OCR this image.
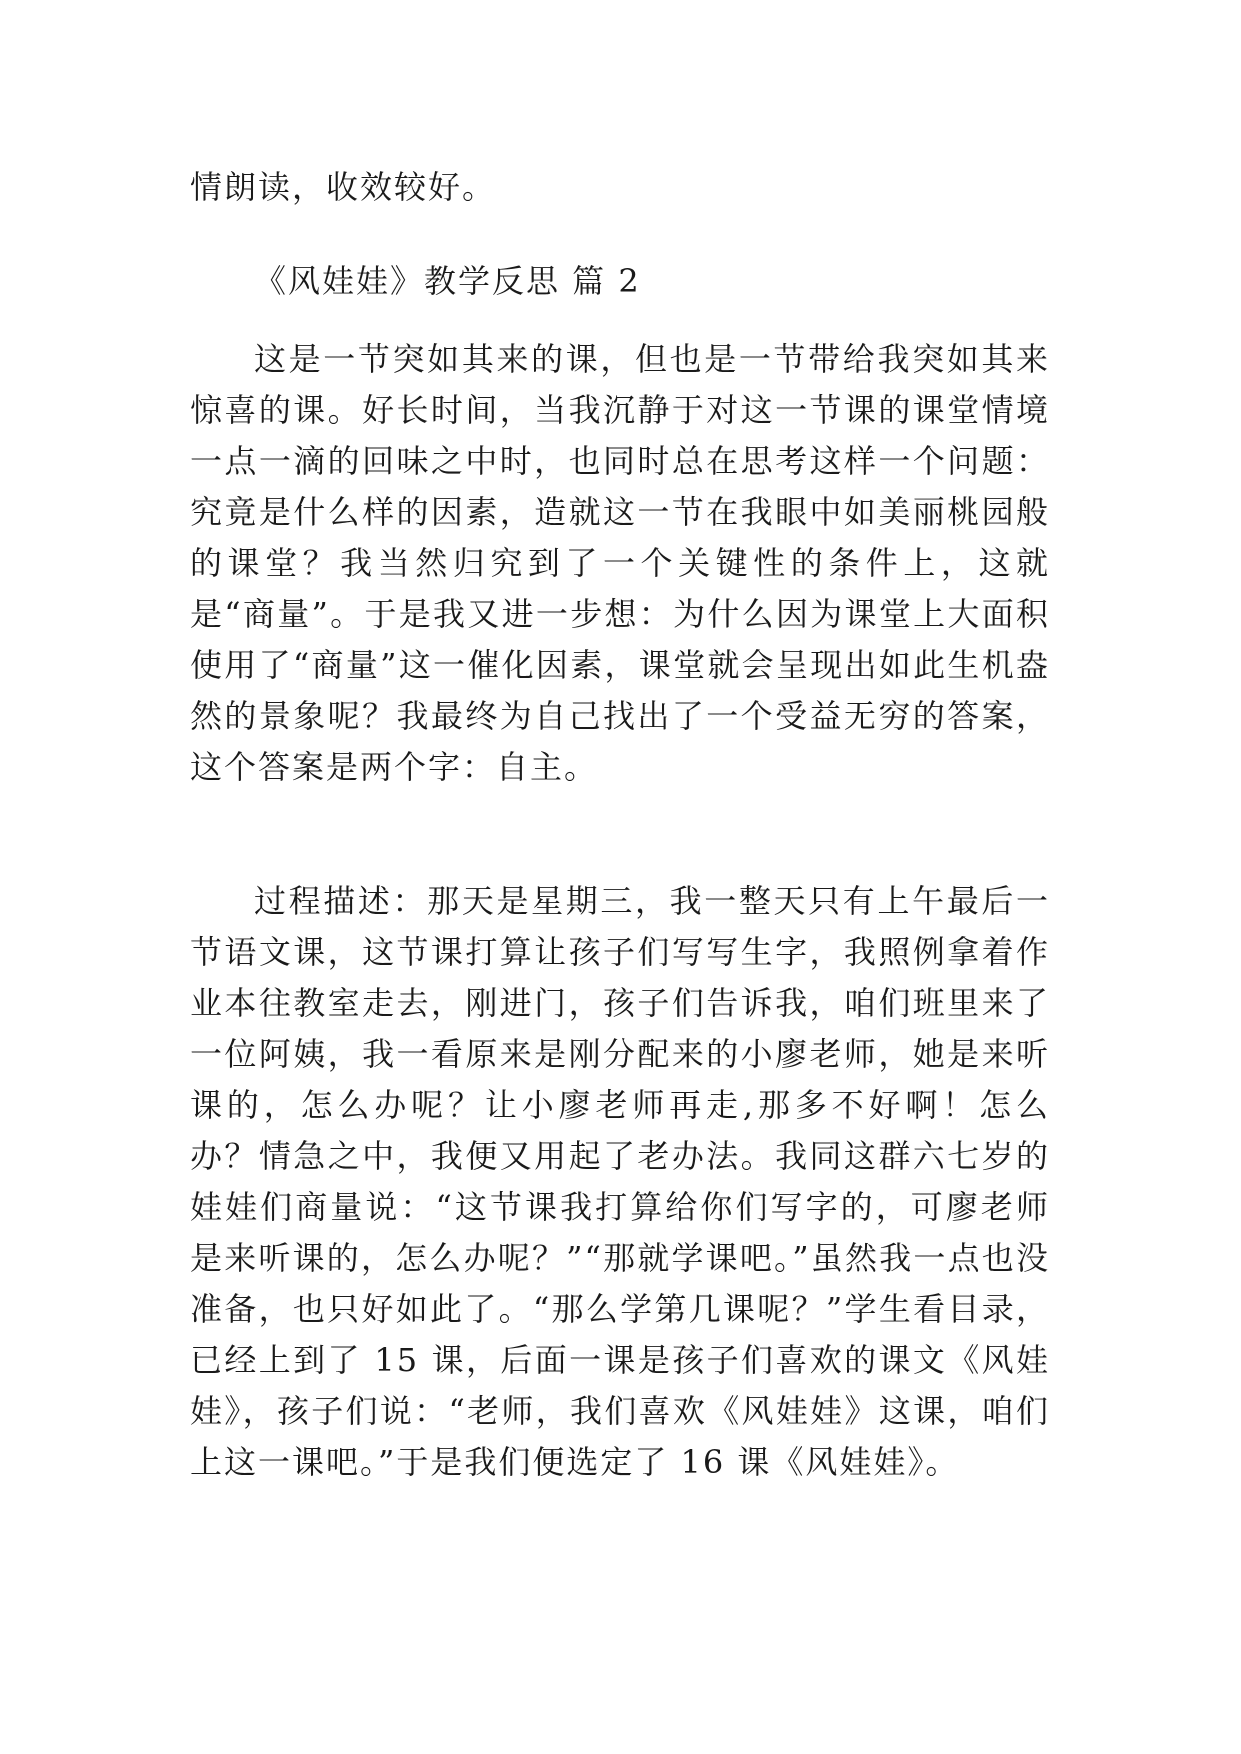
情朗读，收效较好。
《风娃娃》教学反思 篇 2
这是一节突如其来的课，但也是一节带给我突如其来惊喜的课。好长时间，当我沉静于对这一节课的课堂情境一点一滴的回味之中时，也同时总在思考这样一个问题：究竟是什么样的因素，造就这一节在我眼中如美丽桃园般的课堂？我当然归究到了一个关键性的条件上，这就是“商量”。于是我又进一步想：为什么因为课堂上大面积使用了“商量”这一催化因素，课堂就会呈现出如此生机盎然的景象呢？我最终为自己找出了一个受益无穷的答案，这个答案是两个字：自主。
过程描述：那天是星期三，我一整天只有上午最后一节语文课，这节课打算让孩子们写写生字，我照例拿着作业本往教室走去，刚进门，孩子们告诉我，咱们班里来了一位阿姨，我一看原来是刚分配来的小廖老师，她是来听课的，怎么办呢？让小廖老师再走,那多不好啊！怎么办？情急之中，我便又用起了老办法。我同这群六七岁的娃娃们商量说：“这节课我打算给你们写字的，可廖老师是来听课的，怎么办呢？”“那就学课吧。”虽然我一点也没准备，也只好如此了。“那么学第几课呢？”学生看目录，已经上到了 15 课，后面一课是孩子们喜欢的课文《风娃娃》，孩子们说：“老师，我们喜欢《风娃娃》这课，咱们上这一课吧。”于是我们便选定了 16 课《风娃娃》。
